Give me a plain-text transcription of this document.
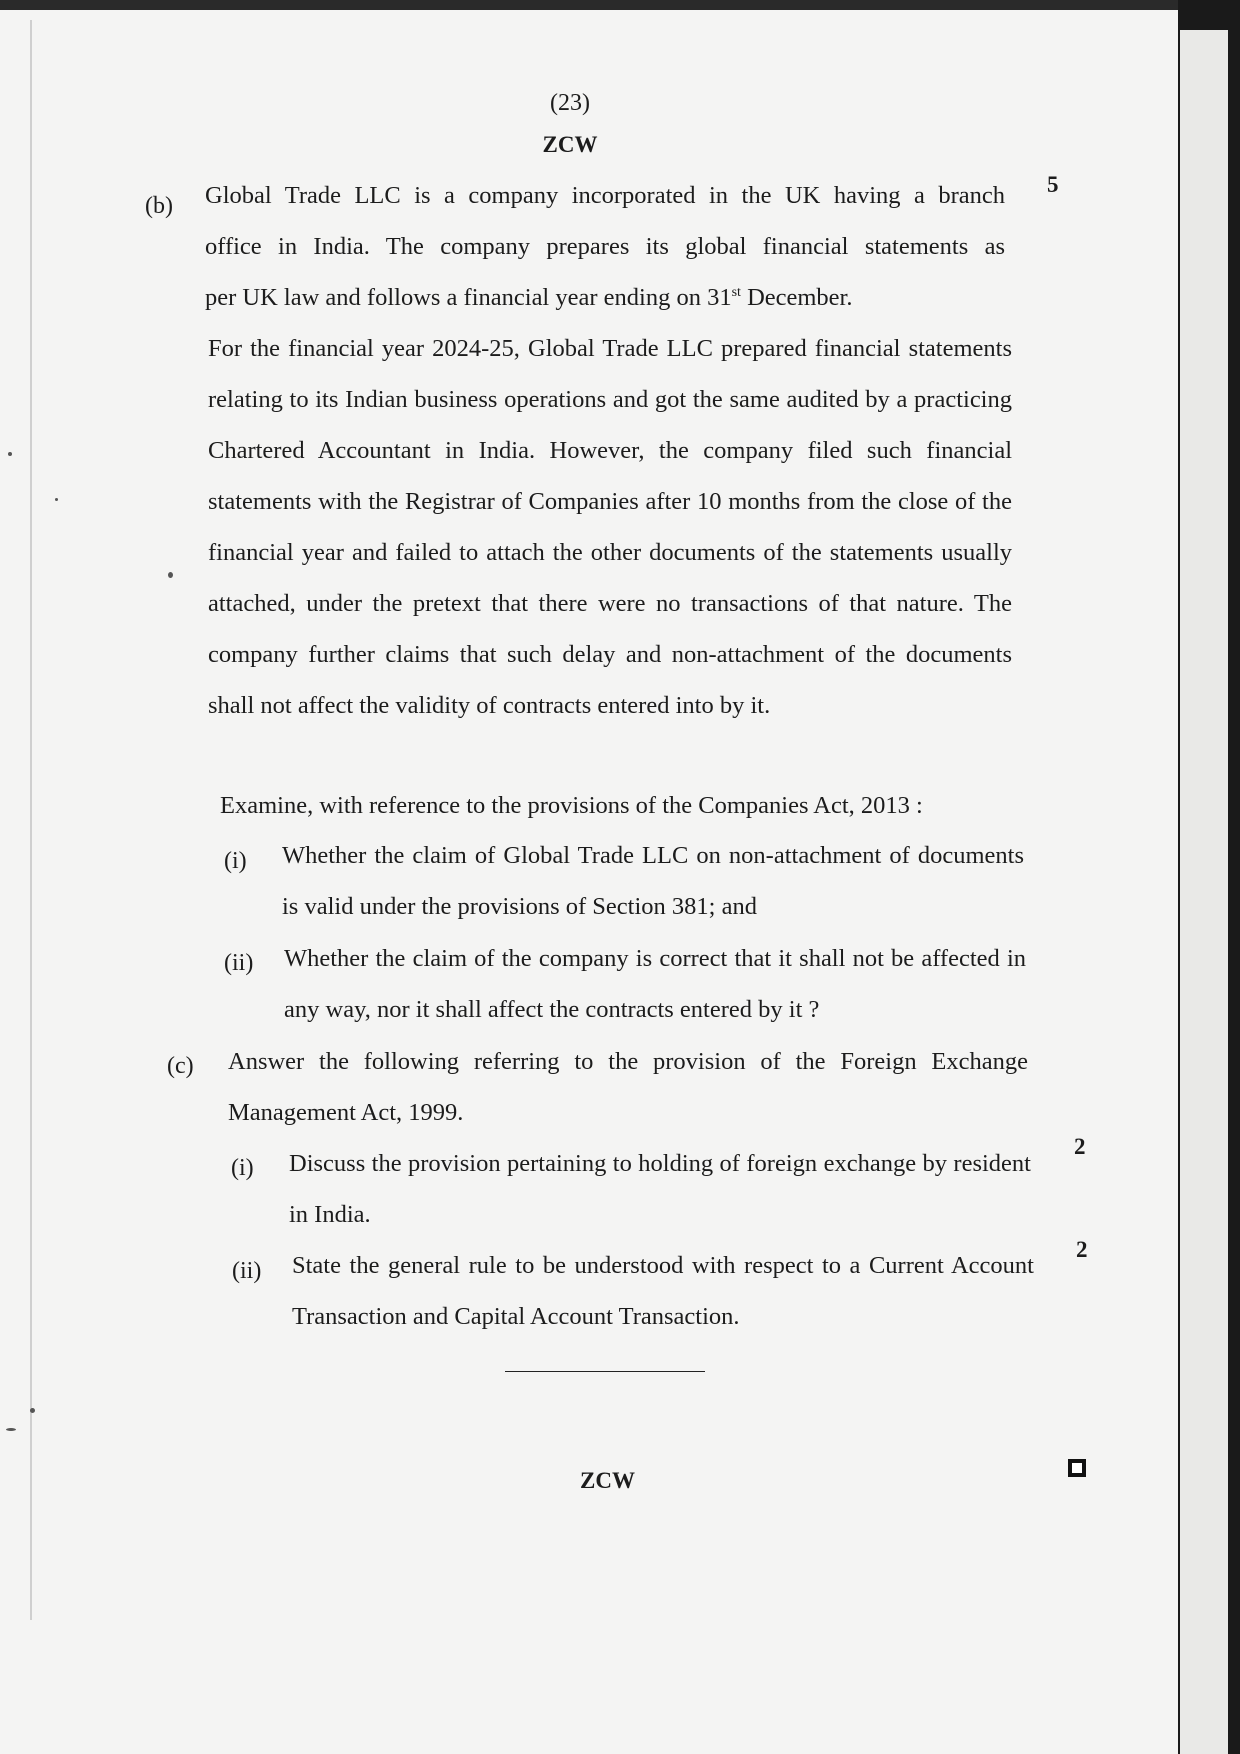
(23)
ZCW
(b)
5

Global Trade LLC is a company incorporated in the UK having a branch
office in India. The company prepares its global financial statements as
per UK law and follows a financial year ending on 31st December.

For the financial year 2024-25, Global Trade LLC prepared financial statements relating to its Indian business operations and got the same audited by a practicing Chartered Accountant in India. However, the company filed such financial statements with the Registrar of Companies after 10 months from the close of the financial year and failed to attach the other documents of the statements usually attached, under the pretext that there were no transactions of that nature. The company further claims that such delay and non-attachment of the documents shall not affect the validity of contracts entered into by it.

Examine, with reference to the provisions of the Companies Act, 2013 :

(i) Whether the claim of Global Trade LLC on non-attachment of documents is valid under the provisions of Section 381; and

(ii) Whether the claim of the company is correct that it shall not be affected in any way, nor it shall affect the contracts entered by it ?

(c) Answer the following referring to the provision of the Foreign Exchange Management Act, 1999.

(i) Discuss the provision pertaining to holding of foreign exchange by resident in India.

2
(ii) State the general rule to be understood with respect to a Current Account Transaction and Capital Account Transaction.

2
ZCW
